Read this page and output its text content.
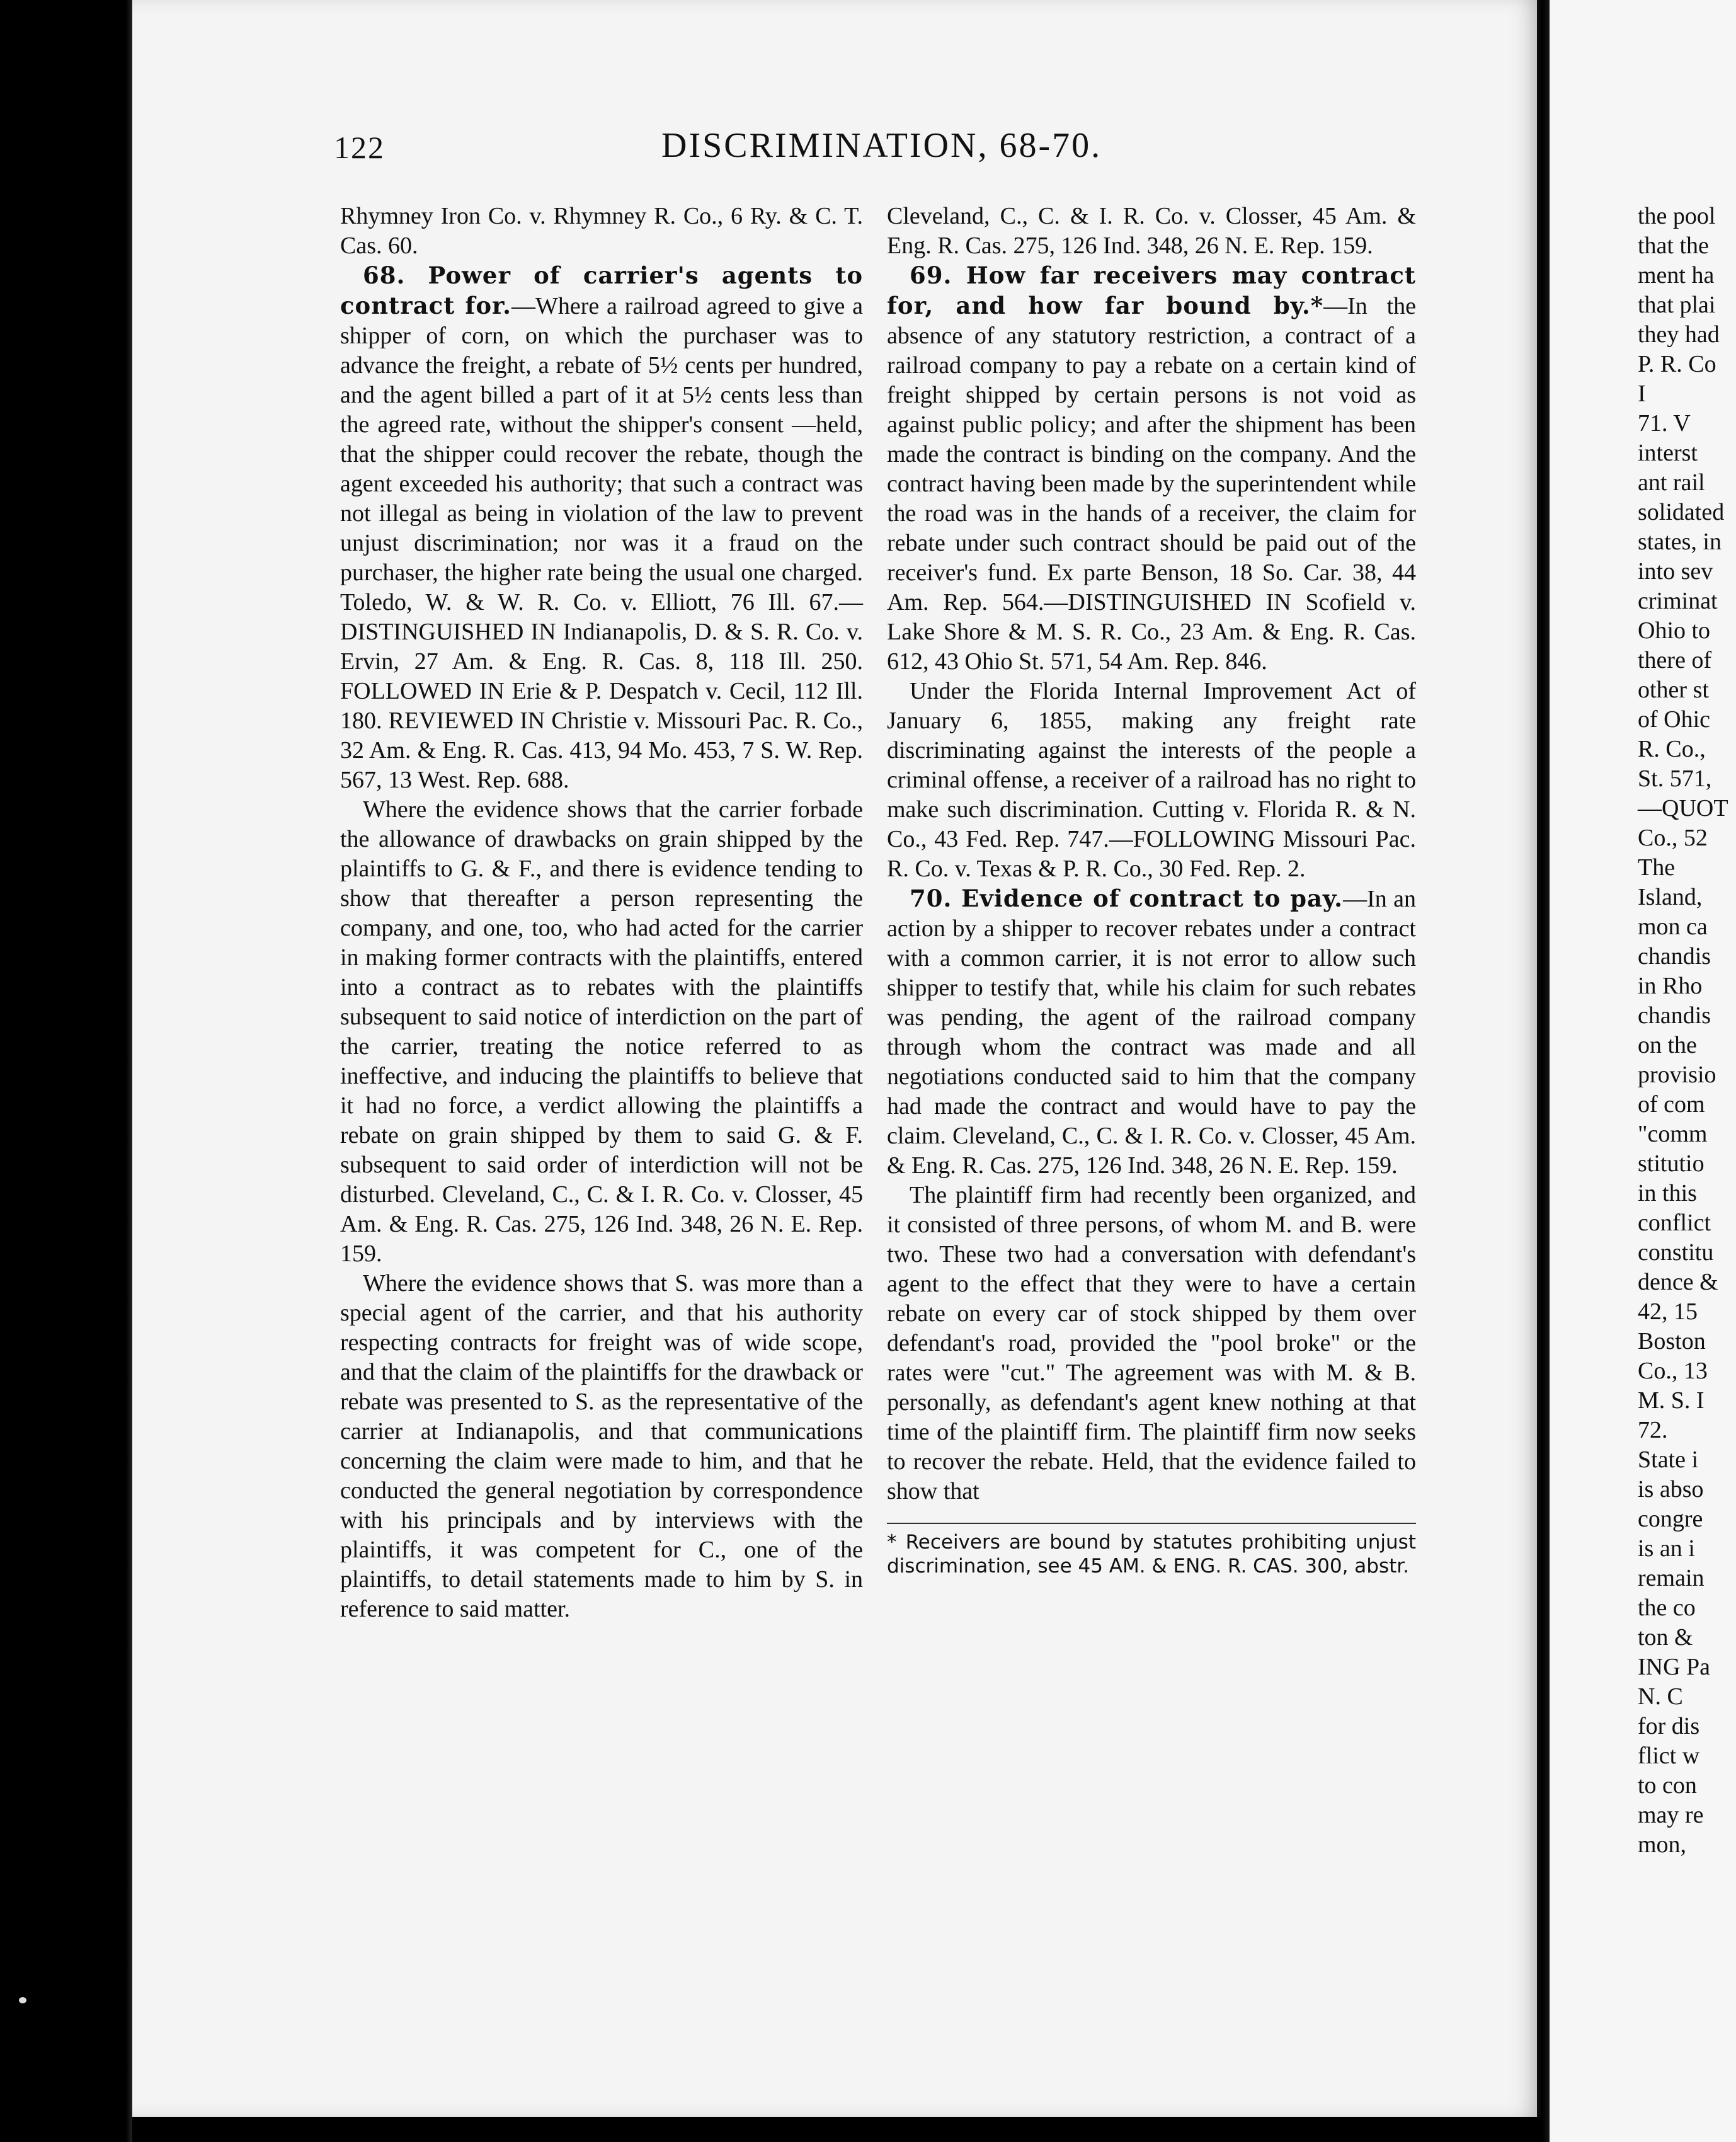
122	DISCRIMINATION, 68-70.

Rhymney Iron Co. v. Rhymney R. Co., 6 Ry. & C. T. Cas. 60.

68. Power of carrier's agents to contract for.—Where a railroad agreed to give a shipper of corn, on which the purchaser was to advance the freight, a rebate of 5½ cents per hundred, and the agent billed a part of it at 5½ cents less than the agreed rate, without the shipper's consent —held, that the shipper could recover the rebate, though the agent exceeded his authority; that such a contract was not illegal as being in violation of the law to prevent unjust discrimination; nor was it a fraud on the purchaser, the higher rate being the usual one charged. Toledo, W. & W. R. Co. v. Elliott, 76 Ill. 67.—DISTINGUISHED IN Indianapolis, D. & S. R. Co. v. Ervin, 27 Am. & Eng. R. Cas. 8, 118 Ill. 250. FOLLOWED IN Erie & P. Despatch v. Cecil, 112 Ill. 180. REVIEWED IN Christie v. Missouri Pac. R. Co., 32 Am. & Eng. R. Cas. 413, 94 Mo. 453, 7 S. W. Rep. 567, 13 West. Rep. 688.

Where the evidence shows that the carrier forbade the allowance of drawbacks on grain shipped by the plaintiffs to G. & F., and there is evidence tending to show that thereafter a person representing the company, and one, too, who had acted for the carrier in making former contracts with the plaintiffs, entered into a contract as to rebates with the plaintiffs subsequent to said notice of interdiction on the part of the carrier, treating the notice referred to as ineffective, and inducing the plaintiffs to believe that it had no force, a verdict allowing the plaintiffs a rebate on grain shipped by them to said G. & F. subsequent to said order of interdiction will not be disturbed. Cleveland, C., C. & I. R. Co. v. Closser, 45 Am. & Eng. R. Cas. 275, 126 Ind. 348, 26 N. E. Rep. 159.

Where the evidence shows that S. was more than a special agent of the carrier, and that his authority respecting contracts for freight was of wide scope, and that the claim of the plaintiffs for the drawback or rebate was presented to S. as the representative of the carrier at Indianapolis, and that communications concerning the claim were made to him, and that he conducted the general negotiation by correspondence with his principals and by interviews with the plaintiffs, it was competent for C., one of the plaintiffs, to detail statements made to him by S. in reference to said matter.

Cleveland, C., C. & I. R. Co. v. Closser, 45 Am. & Eng. R. Cas. 275, 126 Ind. 348, 26 N. E. Rep. 159.

69. How far receivers may contract for, and how far bound by.*—In the absence of any statutory restriction, a contract of a railroad company to pay a rebate on a certain kind of freight shipped by certain persons is not void as against public policy; and after the shipment has been made the contract is binding on the company. And the contract having been made by the superintendent while the road was in the hands of a receiver, the claim for rebate under such contract should be paid out of the receiver's fund. Ex parte Benson, 18 So. Car. 38, 44 Am. Rep. 564.—DISTINGUISHED IN Scofield v. Lake Shore & M. S. R. Co., 23 Am. & Eng. R. Cas. 612, 43 Ohio St. 571, 54 Am. Rep. 846.

Under the Florida Internal Improvement Act of January 6, 1855, making any freight rate discriminating against the interests of the people a criminal offense, a receiver of a railroad has no right to make such discrimination. Cutting v. Florida R. & N. Co., 43 Fed. Rep. 747.—FOLLOWING Missouri Pac. R. Co. v. Texas & P. R. Co., 30 Fed. Rep. 2.

70. Evidence of contract to pay.—In an action by a shipper to recover rebates under a contract with a common carrier, it is not error to allow such shipper to testify that, while his claim for such rebates was pending, the agent of the railroad company through whom the contract was made and all negotiations conducted said to him that the company had made the contract and would have to pay the claim. Cleveland, C., C. & I. R. Co. v. Closser, 45 Am. & Eng. R. Cas. 275, 126 Ind. 348, 26 N. E. Rep. 159.

The plaintiff firm had recently been organized, and it consisted of three persons, of whom M. and B. were two. These two had a conversation with defendant's agent to the effect that they were to have a certain rebate on every car of stock shipped by them over defendant's road, provided the "pool broke" or the rates were "cut." The agreement was with M. & B. personally, as defendant's agent knew nothing at that time of the plaintiff firm. The plaintiff firm now seeks to recover the rebate. Held, that the evidence failed to show that

* Receivers are bound by statutes prohibiting unjust discrimination, see 45 AM. & ENG. R. CAS. 300, abstr.
the pool
that the
ment ha
that plai
they had
P. R. Co
I
71. V
interst
ant rail
solidated
states, in
into sev
criminat
Ohio to
there of
other st
of Ohic
R. Co.,
St. 571,
—QUOT
Co., 52
The
Island,
mon ca
chandis
in Rho
chandis
on the
provisio
of com
"comm
stitutio
in this
conflict
constitu
dence &
42, 15
Boston
Co., 13
M. S. I
72.
State i
is abso
congre
is an i
remain
the co
ton &
ING Pa
N. C
for dis
flict w
to con
may re
mon,
